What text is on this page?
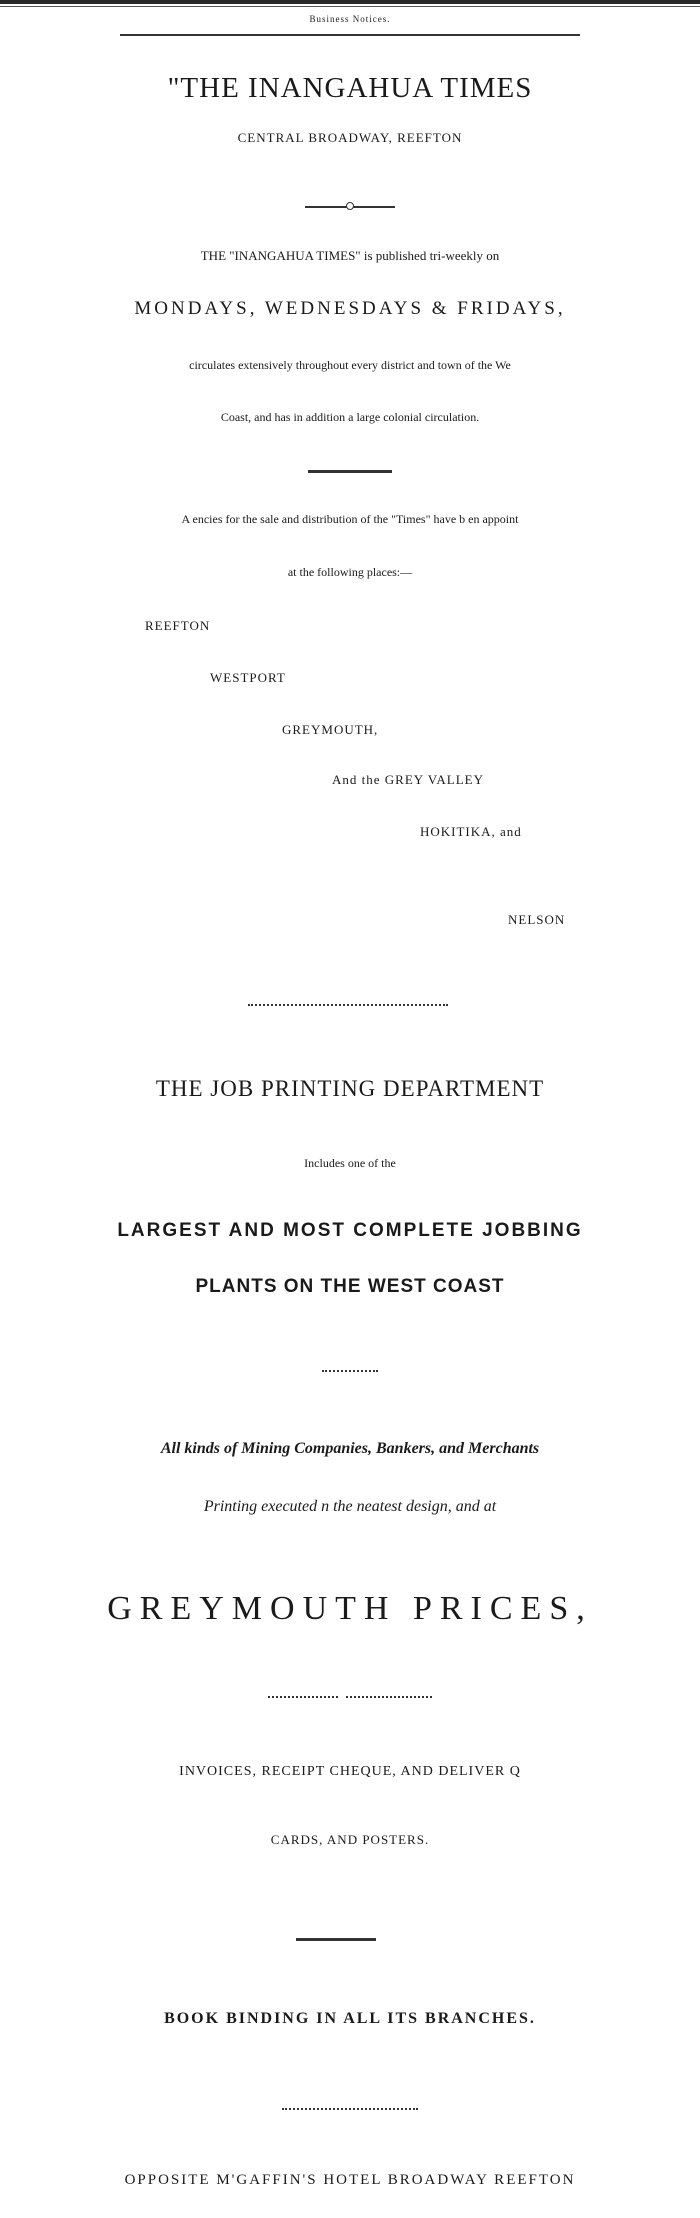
Business Notices.
"THE INANGAHUA TIMES
CENTRAL BROADWAY, REEFTON
THE "INANGAHUA TIMES" is published tri-weekly on
MONDAYS, WEDNESDAYS & FRIDAYS,
circulates extensively throughout every district and town of the We
Coast, and has in addition a large colonial circulation.
A encies for the sale and distribution of the "Times" have b en appoint
at the following places:—
REEFTON
WESTPORT
GREYMOUTH,
And the GREY VALLEY
HOKITIKA, and
NELSON
THE JOB PRINTING DEPARTMENT
Includes one of the
LARGEST AND MOST COMPLETE JOBBING
PLANTS ON THE WEST COAST
All kinds of Mining Companies, Bankers, and Merchants
Printing executed n the neatest design, and at
GREYMOUTH PRICES,
INVOICES, RECEIPT CHEQUE, AND DELIVER Q
CARDS, AND POSTERS.
BOOK BINDING IN ALL ITS BRANCHES.
OPPOSITE M'GAFFIN'S HOTEL BROADWAY REEFTON
